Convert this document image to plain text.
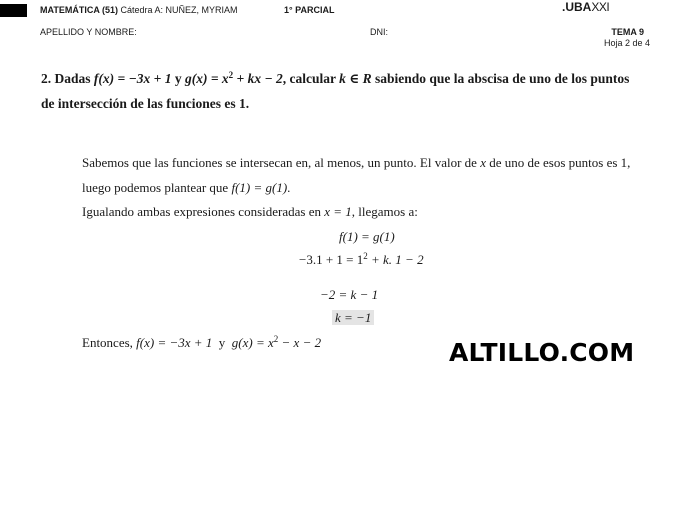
MATEMÁTICA (51) Cátedra A: NUÑEZ, MYRIAM	1° PARCIAL	.UBAXXI
APELLIDO Y NOMBRE:	DNI:	TEMA 9
Hoja 2 de 4
2. Dadas f(x) = −3x + 1 y $g(x) = x^2$ + kx − 2, calcular k ∈ R sabiendo que la abscisa de uno de los puntos
de intersección de las funciones es 1.
Sabemos que las funciones se intersecan en, al menos, un punto. El valor de x de uno de esos puntos es 1,
luego podemos plantear que f(1) = g(1).
Igualando ambas expresiones consideradas en x = 1, llegamos a:
f(1) = g(1)
$-3.1 + 1 = 1^2 + k$. 1 − 2
−2 = k − 1
k = −1
Entonces, f(x) = −3x + 1  y  $g(x) = x^2 - x - 2$	ALTILLO.COM
